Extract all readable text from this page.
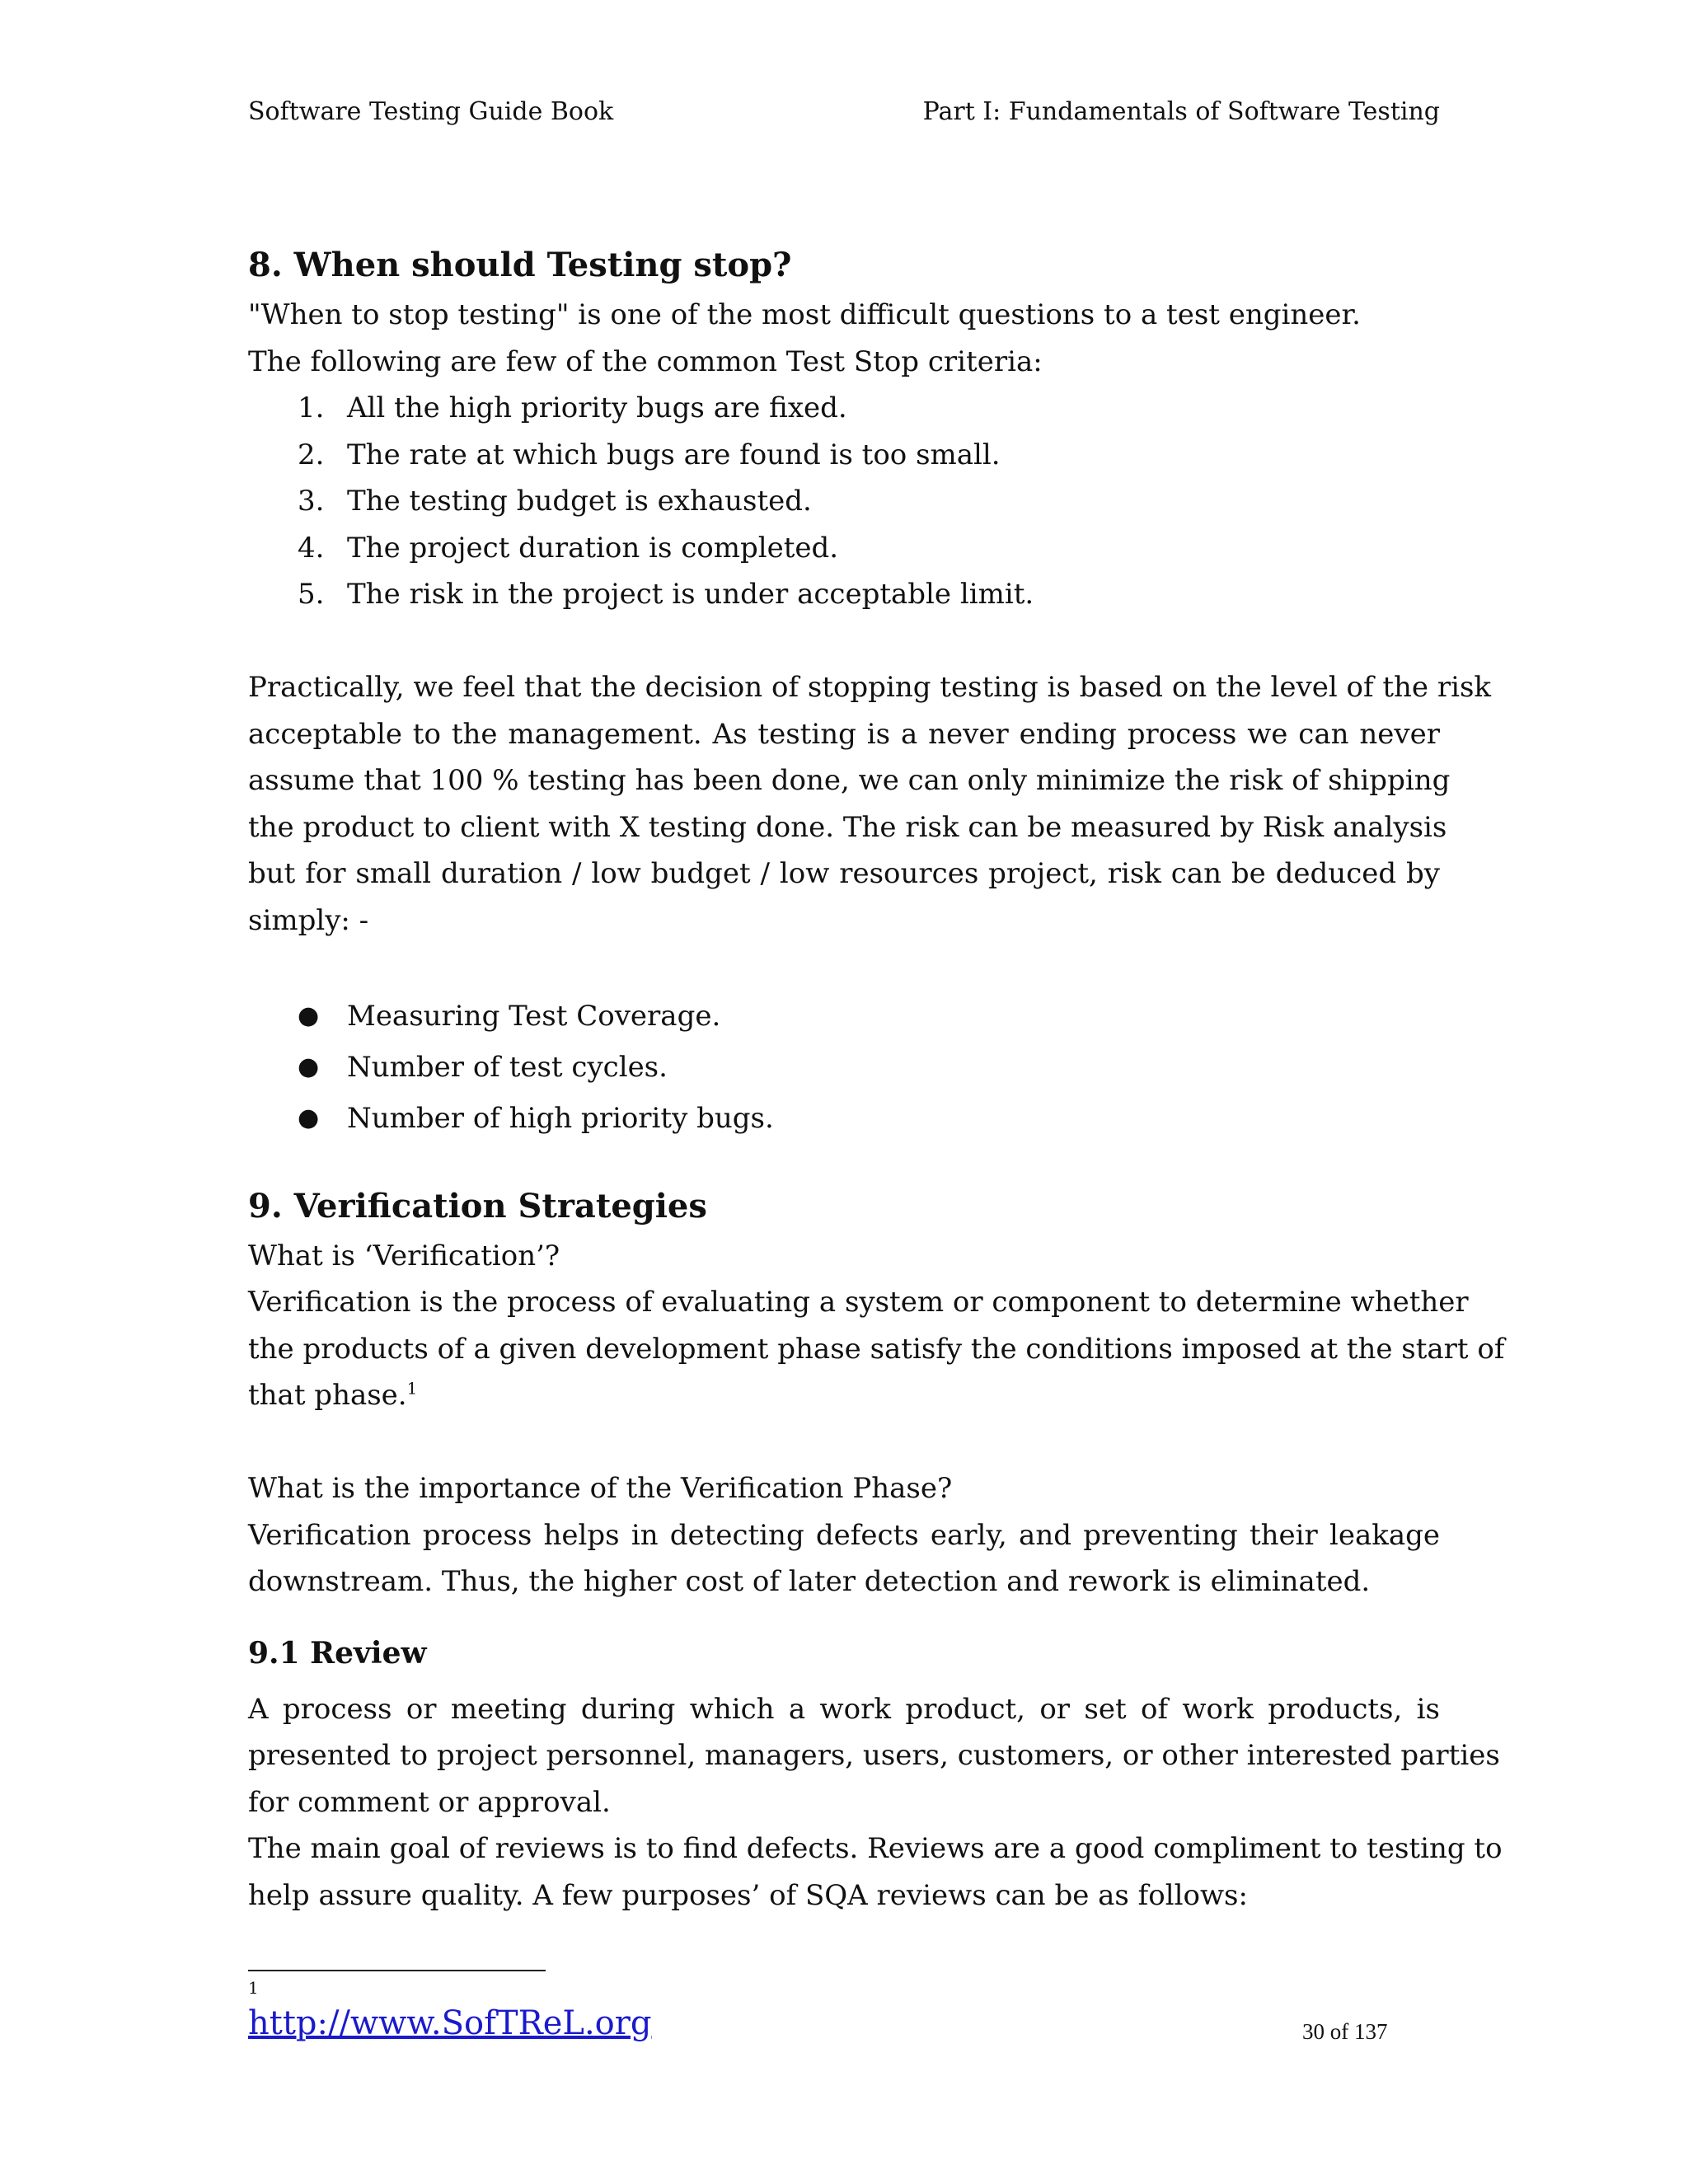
Software Testing Guide Book	Part I: Fundamentals of Software Testing
8. When should Testing stop?
"When to stop testing" is one of the most difficult questions to a test engineer.
The following are few of the common Test Stop criteria:
1. All the high priority bugs are fixed.
2. The rate at which bugs are found is too small.
3. The testing budget is exhausted.
4. The project duration is completed.
5. The risk in the project is under acceptable limit.
Practically, we feel that the decision of stopping testing is based on the level of the risk
acceptable to the management. As testing is a never ending process we can never
assume that 100 % testing has been done, we can only minimize the risk of shipping
the product to client with X testing done. The risk can be measured by Risk analysis
but for small duration / low budget / low resources project, risk can be deduced by
simply: -
● Measuring Test Coverage.
● Number of test cycles.
● Number of high priority bugs.
9. Verification Strategies
What is ‘Verification’?
Verification is the process of evaluating a system or component to determine whether
the products of a given development phase satisfy the conditions imposed at the start of
that phase.$^1$
What is the importance of the Verification Phase?
Verification process helps in detecting defects early, and preventing their leakage
downstream. Thus, the higher cost of later detection and rework is eliminated.
9.1 Review
A process or meeting during which a work product, or set of work products, is
presented to project personnel, managers, users, customers, or other interested parties
for comment or approval.
The main goal of reviews is to find defects. Reviews are a good compliment to testing to
help assure quality. A few purposes’ of SQA reviews can be as follows:
1
http://www.SofTReL.org	30 of 137
